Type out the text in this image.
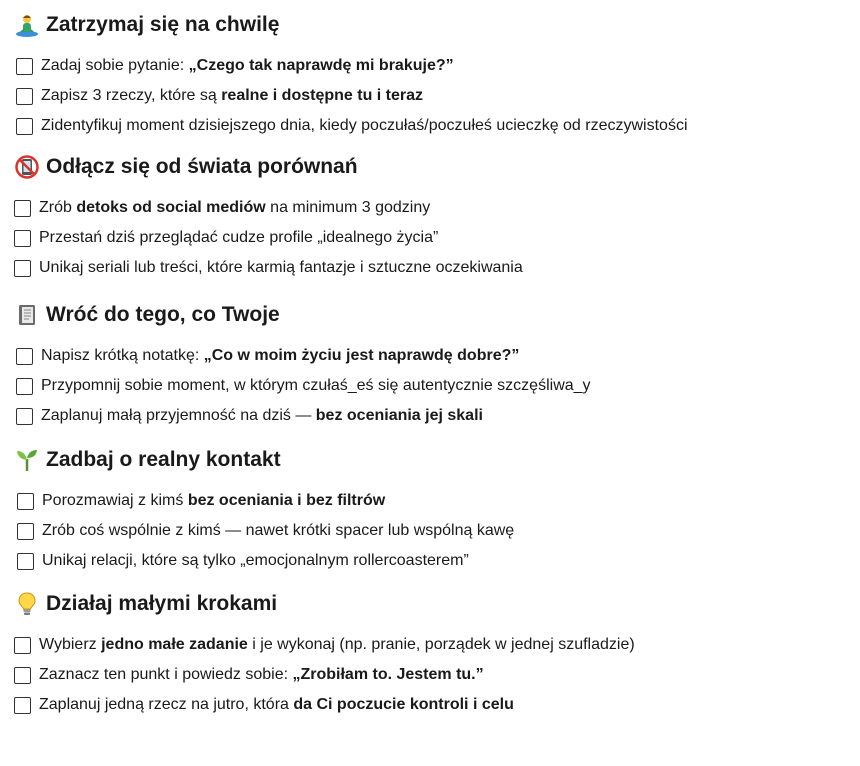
Zatrzymaj się na chwilę
Zadaj sobie pytanie: „Czego tak naprawdę mi brakuje?”
Zapisz 3 rzeczy, które są realne i dostępne tu i teraz
Zidentyfikuj moment dzisiejszego dnia, kiedy poczułaś/poczułeś ucieczkę od rzeczywistości
Odłącz się od świata porównań
Zrób detoks od social mediów na minimum 3 godziny
Przestań dziś przeglądać cudze profile „idealnego życia”
Unikaj seriali lub treści, które karmią fantazje i sztuczne oczekiwania
Wróć do tego, co Twoje
Napisz krótką notatkę: „Co w moim życiu jest naprawdę dobre?”
Przypomnij sobie moment, w którym czułaś_eś się autentycznie szczęśliwa_y
Zaplanuj małą przyjemność na dziś — bez oceniania jej skali
Zadbaj o realny kontakt
Porozmawiaj z kimś bez oceniania i bez filtrów
Zrób coś wspólnie z kimś — nawet krótki spacer lub wspólną kawę
Unikaj relacji, które są tylko „emocjonalnym rollercoasterem”
Działaj małymi krokami
Wybierz jedno małe zadanie i je wykonaj (np. pranie, porządek w jednej szufladzie)
Zaznacz ten punkt i powiedz sobie: „Zrobiłam to. Jestem tu.”
Zaplanuj jedną rzecz na jutro, która da Ci poczucie kontroli i celu
